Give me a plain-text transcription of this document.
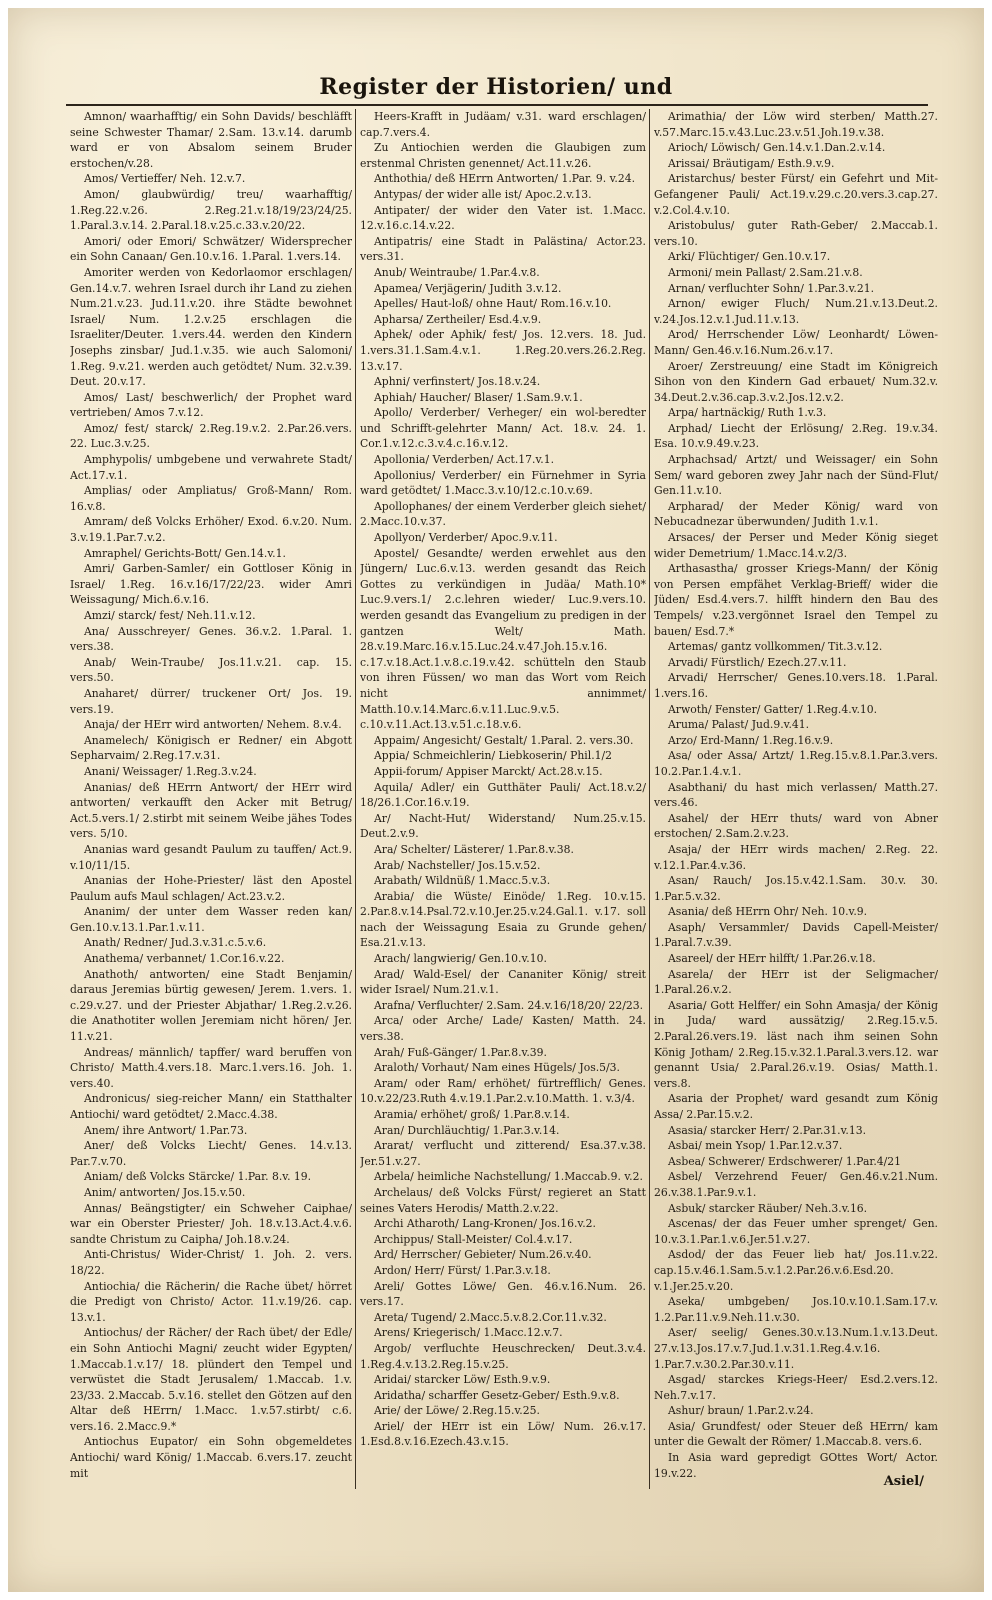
Register der Historien/ und

Amnon/ waarhafftig/ ein Sohn Davids/ beschläfft seine Schwester Thamar/ 2.Sam. 13.v.14. darumb ward er von Absalom seinem Bruder erstochen/v.28.

Amos/ Vertieffer/ Neh. 12.v.7.

Amon/ glaubwürdig/ treu/ waarhafftig/ 1.Reg.22.v.26. 2.Reg.21.v.18/19/23/24/25. 1.Paral.3.v.14. 2.Paral.18.v.25.c.33.v.20/22.

Amori/ oder Emori/ Schwätzer/ Widersprecher ein Sohn Canaan/ Gen.10.v.16. 1.Paral. 1.vers.14.

Amoriter werden von Kedorlaomor erschlagen/ Gen.14.v.7. wehren Israel durch ihr Land zu ziehen Num.21.v.23. Jud.11.v.20. ihre Städte bewohnet Israel/ Num. 1.2.v.25 erschlagen die Israeliter/Deuter. 1.vers.44. werden den Kindern Josephs zinsbar/ Jud.1.v.35. wie auch Salomoni/ 1.Reg. 9.v.21. werden auch getödtet/ Num. 32.v.39. Deut. 20.v.17.

Amos/ Last/ beschwerlich/ der Prophet ward vertrieben/ Amos 7.v.12.

Amoz/ fest/ starck/ 2.Reg.19.v.2. 2.Par.26.vers. 22. Luc.3.v.25.

Amphypolis/ umbgebene und verwahrete Stadt/ Act.17.v.1.

Amplias/ oder Ampliatus/ Groß-Mann/ Rom. 16.v.8.

Amram/ deß Volcks Erhöher/ Exod. 6.v.20. Num. 3.v.19.1.Par.7.v.2.

Amraphel/ Gerichts-Bott/ Gen.14.v.1.

Amri/ Garben-Samler/ ein Gottloser König in Israel/ 1.Reg. 16.v.16/17/22/23. wider Amri Weissagung/ Mich.6.v.16.

Amzi/ starck/ fest/ Neh.11.v.12.

Ana/ Ausschreyer/ Genes. 36.v.2. 1.Paral. 1. vers.38.

Anab/ Wein-Traube/ Jos.11.v.21. cap. 15. vers.50.

Anaharet/ dürrer/ truckener Ort/ Jos. 19. vers.19.

Anaja/ der HErr wird antworten/ Nehem. 8.v.4.

Anamelech/ Königisch er Redner/ ein Abgott Sepharvaim/ 2.Reg.17.v.31.

Anani/ Weissager/ 1.Reg.3.v.24.

Ananias/ deß HErrn Antwort/ der HErr wird antworten/ verkaufft den Acker mit Betrug/ Act.5.vers.1/ 2.stirbt mit seinem Weibe jähes Todes vers. 5/10.

Ananias ward gesandt Paulum zu tauffen/ Act.9. v.10/11/15.

Ananias der Hohe-Priester/ läst den Apostel Paulum aufs Maul schlagen/ Act.23.v.2.

Ananim/ der unter dem Wasser reden kan/ Gen.10.v.13.1.Par.1.v.11.

Anath/ Redner/ Jud.3.v.31.c.5.v.6.

Anathema/ verbannet/ 1.Cor.16.v.22.

Anathoth/ antworten/ eine Stadt Benjamin/ daraus Jeremias bürtig gewesen/ Jerem. 1.vers. 1. c.29.v.27. und der Priester Abjathar/ 1.Reg.2.v.26. die Anathotiter wollen Jeremiam nicht hören/ Jer. 11.v.21.

Andreas/ männlich/ tapffer/ ward beruffen von Christo/ Matth.4.vers.18. Marc.1.vers.16. Joh. 1. vers.40.

Andronicus/ sieg-reicher Mann/ ein Statthalter Antiochi/ ward getödtet/ 2.Macc.4.38.

Anem/ ihre Antwort/ 1.Par.73.

Aner/ deß Volcks Liecht/ Genes. 14.v.13. Par.7.v.70.

Aniam/ deß Volcks Stärcke/ 1.Par. 8.v. 19.

Anim/ antworten/ Jos.15.v.50.

Annas/ Beängstigter/ ein Schweher Caiphae/ war ein Oberster Priester/ Joh. 18.v.13.Act.4.v.6. sandte Christum zu Caipha/ Joh.18.v.24.

Anti-Christus/ Wider-Christ/ 1. Joh. 2. vers. 18/22.

Antiochia/ die Rächerin/ die Rache übet/ hörret die Predigt von Christo/ Actor. 11.v.19/26. cap. 13.v.1.

Antiochus/ der Rächer/ der Rach übet/ der Edle/ ein Sohn Antiochi Magni/ zeucht wider Egypten/ 1.Maccab.1.v.17/ 18. plündert den Tempel und verwüstet die Stadt Jerusalem/ 1.Maccab. 1.v. 23/33. 2.Maccab. 5.v.16. stellet den Götzen auf den Altar deß HErrn/ 1.Macc. 1.v.57.stirbt/ c.6. vers.16. 2.Macc.9.*

Antiochus Eupator/ ein Sohn obgemeldetes Antiochi/ ward König/ 1.Maccab. 6.vers.17. zeucht mit

Heers-Krafft in Judäam/ v.31. ward erschlagen/ cap.7.vers.4.

Zu Antiochien werden die Glaubigen zum erstenmal Christen genennet/ Act.11.v.26.

Anthothia/ deß HErrn Antworten/ 1.Par. 9. v.24.

Antypas/ der wider alle ist/ Apoc.2.v.13.

Antipater/ der wider den Vater ist. 1.Macc. 12.v.16.c.14.v.22.

Antipatris/ eine Stadt in Palästina/ Actor.23. vers.31.

Anub/ Weintraube/ 1.Par.4.v.8.

Apamea/ Verjägerin/ Judith 3.v.12.

Apelles/ Haut-loß/ ohne Haut/ Rom.16.v.10.

Apharsa/ Zertheiler/ Esd.4.v.9.

Aphek/ oder Aphik/ fest/ Jos. 12.vers. 18. Jud. 1.vers.31.1.Sam.4.v.1. 1.Reg.20.vers.26.2.Reg. 13.v.17.

Aphni/ verfinstert/ Jos.18.v.24.

Aphiah/ Haucher/ Blaser/ 1.Sam.9.v.1.

Apollo/ Verderber/ Verheger/ ein wol-beredter und Schrifft-gelehrter Mann/ Act. 18.v. 24. 1. Cor.1.v.12.c.3.v.4.c.16.v.12.

Apollonia/ Verderben/ Act.17.v.1.

Apollonius/ Verderber/ ein Fürnehmer in Syria ward getödtet/ 1.Macc.3.v.10/12.c.10.v.69.

Apollophanes/ der einem Verderber gleich siehet/ 2.Macc.10.v.37.

Apollyon/ Verderber/ Apoc.9.v.11.

Apostel/ Gesandte/ werden erwehlet aus den Jüngern/ Luc.6.v.13. werden gesandt das Reich Gottes zu verkündigen in Judäa/ Math.10* Luc.9.vers.1/ 2.c.lehren wieder/ Luc.9.vers.10. werden gesandt das Evangelium zu predigen in der gantzen Welt/ Math. 28.v.19.Marc.16.v.15.Luc.24.v.47.Joh.15.v.16. c.17.v.18.Act.1.v.8.c.19.v.42. schütteln den Staub von ihren Füssen/ wo man das Wort vom Reich nicht annimmet/ Matth.10.v.14.Marc.6.v.11.Luc.9.v.5. c.10.v.11.Act.13.v.51.c.18.v.6.

Appaim/ Angesicht/ Gestalt/ 1.Paral. 2. vers.30.

Appia/ Schmeichlerin/ Liebkoserin/ Phil.1/2

Appii-forum/ Appiser Marckt/ Act.28.v.15.

Aquila/ Adler/ ein Gutthäter Pauli/ Act.18.v.2/ 18/26.1.Cor.16.v.19.

Ar/ Nacht-Hut/ Widerstand/ Num.25.v.15. Deut.2.v.9.

Ara/ Schelter/ Lästerer/ 1.Par.8.v.38.

Arab/ Nachsteller/ Jos.15.v.52.

Arabath/ Wildnüß/ 1.Macc.5.v.3.

Arabia/ die Wüste/ Einöde/ 1.Reg. 10.v.15. 2.Par.8.v.14.Psal.72.v.10.Jer.25.v.24.Gal.1. v.17. soll nach der Weissagung Esaia zu Grunde gehen/ Esa.21.v.13.

Arach/ langwierig/ Gen.10.v.10.

Arad/ Wald-Esel/ der Cananiter König/ streit wider Israel/ Num.21.v.1.

Arafna/ Verfluchter/ 2.Sam. 24.v.16/18/20/ 22/23.

Arca/ oder Arche/ Lade/ Kasten/ Matth. 24. vers.38.

Arah/ Fuß-Gänger/ 1.Par.8.v.39.

Araloth/ Vorhaut/ Nam eines Hügels/ Jos.5/3.

Aram/ oder Ram/ erhöhet/ fürtrefflich/ Genes. 10.v.22/23.Ruth 4.v.19.1.Par.2.v.10.Matth. 1. v.3/4.

Aramia/ erhöhet/ groß/ 1.Par.8.v.14.

Aran/ Durchläuchtig/ 1.Par.3.v.14.

Ararat/ verflucht und zitterend/ Esa.37.v.38. Jer.51.v.27.

Arbela/ heimliche Nachstellung/ 1.Maccab.9. v.2.

Archelaus/ deß Volcks Fürst/ regieret an Statt seines Vaters Herodis/ Matth.2.v.22.

Archi Atharoth/ Lang-Kronen/ Jos.16.v.2.

Archippus/ Stall-Meister/ Col.4.v.17.

Ard/ Herrscher/ Gebieter/ Num.26.v.40.

Ardon/ Herr/ Fürst/ 1.Par.3.v.18.

Areli/ Gottes Löwe/ Gen. 46.v.16.Num. 26. vers.17.

Areta/ Tugend/ 2.Macc.5.v.8.2.Cor.11.v.32.

Arens/ Kriegerisch/ 1.Macc.12.v.7.

Argob/ verfluchte Heuschrecken/ Deut.3.v.4. 1.Reg.4.v.13.2.Reg.15.v.25.

Aridai/ starcker Löw/ Esth.9.v.9.

Aridatha/ scharffer Gesetz-Geber/ Esth.9.v.8.

Arie/ der Löwe/ 2.Reg.15.v.25.

Ariel/ der HErr ist ein Löw/ Num. 26.v.17. 1.Esd.8.v.16.Ezech.43.v.15.

Arimathia/ der Löw wird sterben/ Matth.27. v.57.Marc.15.v.43.Luc.23.v.51.Joh.19.v.38.

Arioch/ Löwisch/ Gen.14.v.1.Dan.2.v.14.

Arissai/ Bräutigam/ Esth.9.v.9.

Aristarchus/ bester Fürst/ ein Gefehrt und Mit-Gefangener Pauli/ Act.19.v.29.c.20.vers.3.cap.27. v.2.Col.4.v.10.

Aristobulus/ guter Rath-Geber/ 2.Maccab.1. vers.10.

Arki/ Flüchtiger/ Gen.10.v.17.

Armoni/ mein Pallast/ 2.Sam.21.v.8.

Arnan/ verfluchter Sohn/ 1.Par.3.v.21.

Arnon/ ewiger Fluch/ Num.21.v.13.Deut.2. v.24.Jos.12.v.1.Jud.11.v.13.

Arod/ Herrschender Löw/ Leonhardt/ Löwen-Mann/ Gen.46.v.16.Num.26.v.17.

Aroer/ Zerstreuung/ eine Stadt im Königreich Sihon von den Kindern Gad erbauet/ Num.32.v. 34.Deut.2.v.36.cap.3.v.2.Jos.12.v.2.

Arpa/ hartnäckig/ Ruth 1.v.3.

Arphad/ Liecht der Erlösung/ 2.Reg. 19.v.34. Esa. 10.v.9.49.v.23.

Arphachsad/ Artzt/ und Weissager/ ein Sohn Sem/ ward geboren zwey Jahr nach der Sünd-Flut/ Gen.11.v.10.

Arpharad/ der Meder König/ ward von Nebucadnezar überwunden/ Judith 1.v.1.

Arsaces/ der Perser und Meder König sieget wider Demetrium/ 1.Macc.14.v.2/3.

Arthasastha/ grosser Kriegs-Mann/ der König von Persen empfähet Verklag-Brieff/ wider die Jüden/ Esd.4.vers.7. hilfft hindern den Bau des Tempels/ v.23.vergönnet Israel den Tempel zu bauen/ Esd.7.*

Artemas/ gantz vollkommen/ Tit.3.v.12.

Arvadi/ Fürstlich/ Ezech.27.v.11.

Arvadi/ Herrscher/ Genes.10.vers.18. 1.Paral. 1.vers.16.

Arwoth/ Fenster/ Gatter/ 1.Reg.4.v.10.

Aruma/ Palast/ Jud.9.v.41.

Arzo/ Erd-Mann/ 1.Reg.16.v.9.

Asa/ oder Assa/ Artzt/ 1.Reg.15.v.8.1.Par.3.vers. 10.2.Par.1.4.v.1.

Asabthani/ du hast mich verlassen/ Matth.27. vers.46.

Asahel/ der HErr thuts/ ward von Abner erstochen/ 2.Sam.2.v.23.

Asaja/ der HErr wirds machen/ 2.Reg. 22. v.12.1.Par.4.v.36.

Asan/ Rauch/ Jos.15.v.42.1.Sam. 30.v. 30. 1.Par.5.v.32.

Asania/ deß HErrn Ohr/ Neh. 10.v.9.

Asaph/ Versammler/ Davids Capell-Meister/ 1.Paral.7.v.39.

Asareel/ der HErr hilfft/ 1.Par.26.v.18.

Asarela/ der HErr ist der Seligmacher/ 1.Paral.26.v.2.

Asaria/ Gott Helffer/ ein Sohn Amasja/ der König in Juda/ ward aussätzig/ 2.Reg.15.v.5. 2.Paral.26.vers.19. läst nach ihm seinen Sohn König Jotham/ 2.Reg.15.v.32.1.Paral.3.vers.12. war genannt Usia/ 2.Paral.26.v.19. Osias/ Matth.1. vers.8.

Asaria der Prophet/ ward gesandt zum König Assa/ 2.Par.15.v.2.

Asasia/ starcker Herr/ 2.Par.31.v.13.

Asbai/ mein Ysop/ 1.Par.12.v.37.

Asbea/ Schwerer/ Erdschwerer/ 1.Par.4/21

Asbel/ Verzehrend Feuer/ Gen.46.v.21.Num. 26.v.38.1.Par.9.v.1.

Asbuk/ starcker Räuber/ Neh.3.v.16.

Ascenas/ der das Feuer umher sprenget/ Gen. 10.v.3.1.Par.1.v.6.Jer.51.v.27.

Asdod/ der das Feuer lieb hat/ Jos.11.v.22. cap.15.v.46.1.Sam.5.v.1.2.Par.26.v.6.Esd.20. v.1.Jer.25.v.20.

Aseka/ umbgeben/ Jos.10.v.10.1.Sam.17.v. 1.2.Par.11.v.9.Neh.11.v.30.

Aser/ seelig/ Genes.30.v.13.Num.1.v.13.Deut. 27.v.13.Jos.17.v.7.Jud.1.v.31.1.Reg.4.v.16. 1.Par.7.v.30.2.Par.30.v.11.

Asgad/ starckes Kriegs-Heer/ Esd.2.vers.12. Neh.7.v.17.

Ashur/ braun/ 1.Par.2.v.24.

Asia/ Grundfest/ oder Steuer deß HErrn/ kam unter die Gewalt der Römer/ 1.Maccab.8. vers.6.

In Asia ward gepredigt GOttes Wort/ Actor. 19.v.22.

Asiel/
